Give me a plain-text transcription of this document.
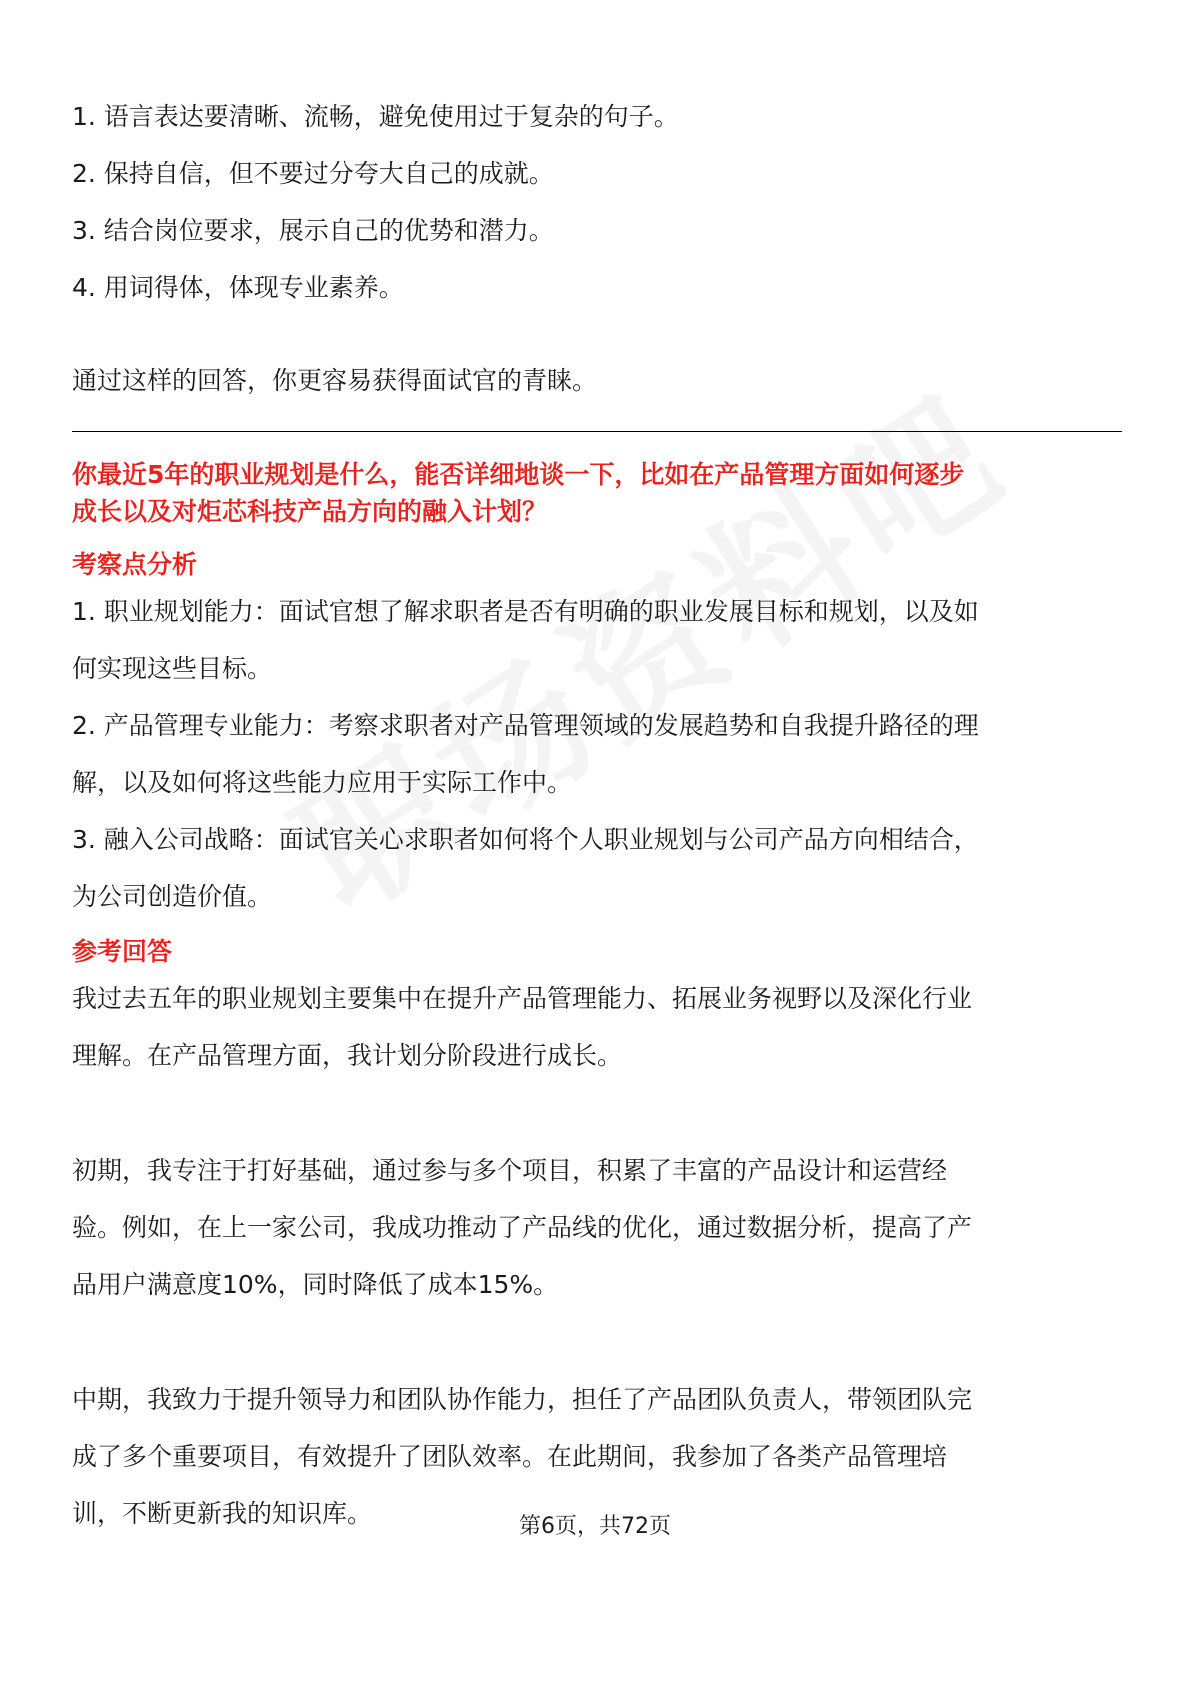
1. 语言表达要清晰、流畅，避免使用过于复杂的句子。
2. 保持自信，但不要过分夸大自己的成就。
3. 结合岗位要求，展示自己的优势和潜力。
4. 用词得体，体现专业素养。
通过这样的回答，你更容易获得面试官的青睐。
你最近5年的职业规划是什么，能否详细地谈一下，比如在产品管理方面如何逐步
成长以及对炬芯科技产品方向的融入计划？
考察点分析
1. 职业规划能力：面试官想了解求职者是否有明确的职业发展目标和规划，以及如
何实现这些目标。
2. 产品管理专业能力：考察求职者对产品管理领域的发展趋势和自我提升路径的理
解，以及如何将这些能力应用于实际工作中。
3. 融入公司战略：面试官关心求职者如何将个人职业规划与公司产品方向相结合，
为公司创造价值。
参考回答
我过去五年的职业规划主要集中在提升产品管理能力、拓展业务视野以及深化行业
理解。在产品管理方面，我计划分阶段进行成长。
初期，我专注于打好基础，通过参与多个项目，积累了丰富的产品设计和运营经
验。例如，在上一家公司，我成功推动了产品线的优化，通过数据分析，提高了产
品用户满意度10%，同时降低了成本15%。
中期，我致力于提升领导力和团队协作能力，担任了产品团队负责人，带领团队完
成了多个重要项目，有效提升了团队效率。在此期间，我参加了各类产品管理培
训，不断更新我的知识库。	第6页，共72页
